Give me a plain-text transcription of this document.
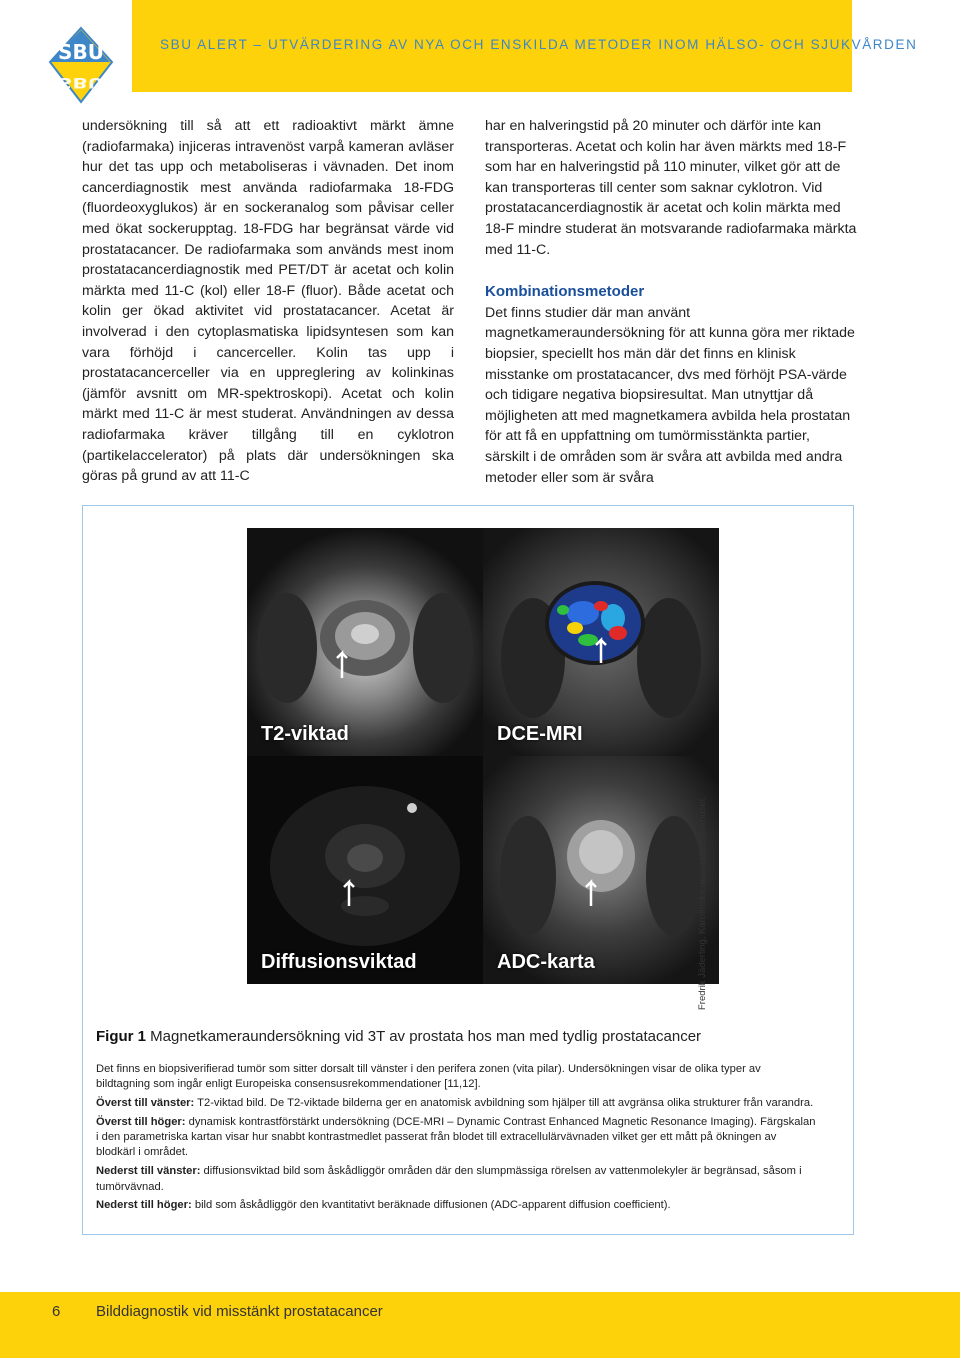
SBU
SBU
SBU ALERT – UTVÄRDERING AV NYA OCH ENSKILDA METODER INOM HÄLSO- OCH SJUKVÅRDEN

undersökning till så att ett radioaktivt märkt ämne (radiofarmaka) injiceras intravenöst varpå kameran avläser hur det tas upp och metaboliseras i vävnaden. Det inom cancerdiagnostik mest använda radiofarmaka 18-FDG (fluordeoxyglukos) är en sockeranalog som påvisar celler med ökat sockerupptag. 18-FDG har begränsat värde vid prostatacancer. De radiofarmaka som används mest inom prostatacancerdiagnostik med PET/DT är acetat och kolin märkta med 11-C (kol) eller 18-F (fluor). Både acetat och kolin ger ökad aktivitet vid prostatacancer. Acetat är involverad i den cytoplasmatiska lipidsyntesen som kan vara förhöjd i cancerceller. Kolin tas upp i prostatacancerceller via en uppreglering av kolinkinas (jämför avsnitt om MR-spektroskopi). Acetat och kolin märkt med 11-C är mest studerat. Användningen av dessa radiofarmaka kräver tillgång till en cyklotron (partikelaccelerator) på plats där undersökningen ska göras på grund av att 11-C

har en halveringstid på 20 minuter och därför inte kan transporteras. Acetat och kolin har även märkts med 18-F som har en halveringstid på 110 minuter, vilket gör att de kan transporteras till center som saknar cyklotron. Vid prostatacancerdiagnostik är acetat och kolin märkta med 18-F mindre studerat än motsvarande radiofarmaka märkta med 11-C.

Kombinationsmetoder

Det finns studier där man använt magnetkameraundersökning för att kunna göra mer riktade biopsier, speciellt hos män där det finns en klinisk misstanke om prostatacancer, dvs med förhöjt PSA-värde och tidigare negativa biopsiresultat. Man utnyttjar då möjligheten att med magnetkamera avbilda hela prostatan för att få en uppfattning om tumörmisstänkta partier, särskilt i de områden som är svåra att avbilda med andra metoder eller som är svåra

T2-viktad	DCE-MRI
Diffusionsviktad	ADC-karta	Fredrik Jäderling, Karolinska universitetssjukhuset
Figur 1 Magnetkameraundersökning vid 3T av prostata hos man med tydlig prostatacancer

Det finns en biopsiverifierad tumör som sitter dorsalt till vänster i den perifera zonen (vita pilar). Undersökningen visar de olika typer av bildtagning som ingår enligt Europeiska consensusrekommendationer [11,12].

Överst till vänster: T2-viktad bild. De T2-viktade bilderna ger en anatomisk avbildning som hjälper till att avgränsa olika strukturer från varandra.

Överst till höger: dynamisk kontrastförstärkt undersökning (DCE-MRI – Dynamic Contrast Enhanced Magnetic Resonance Imaging). Färgskalan i den parametriska kartan visar hur snabbt kontrastmedlet passerat från blodet till extracellulärvävnaden vilket ger ett mått på ökningen av blodkärl i området.

Nederst till vänster: diffusionsviktad bild som åskådliggör områden där den slumpmässiga rörelsen av vattenmolekyler är begränsad, såsom i tumörvävnad.

Nederst till höger: bild som åskådliggör den kvantitativt beräknade diffusionen (ADC-apparent diffusion coefficient).

6 Bilddiagnostik vid misstänkt prostatacancer
